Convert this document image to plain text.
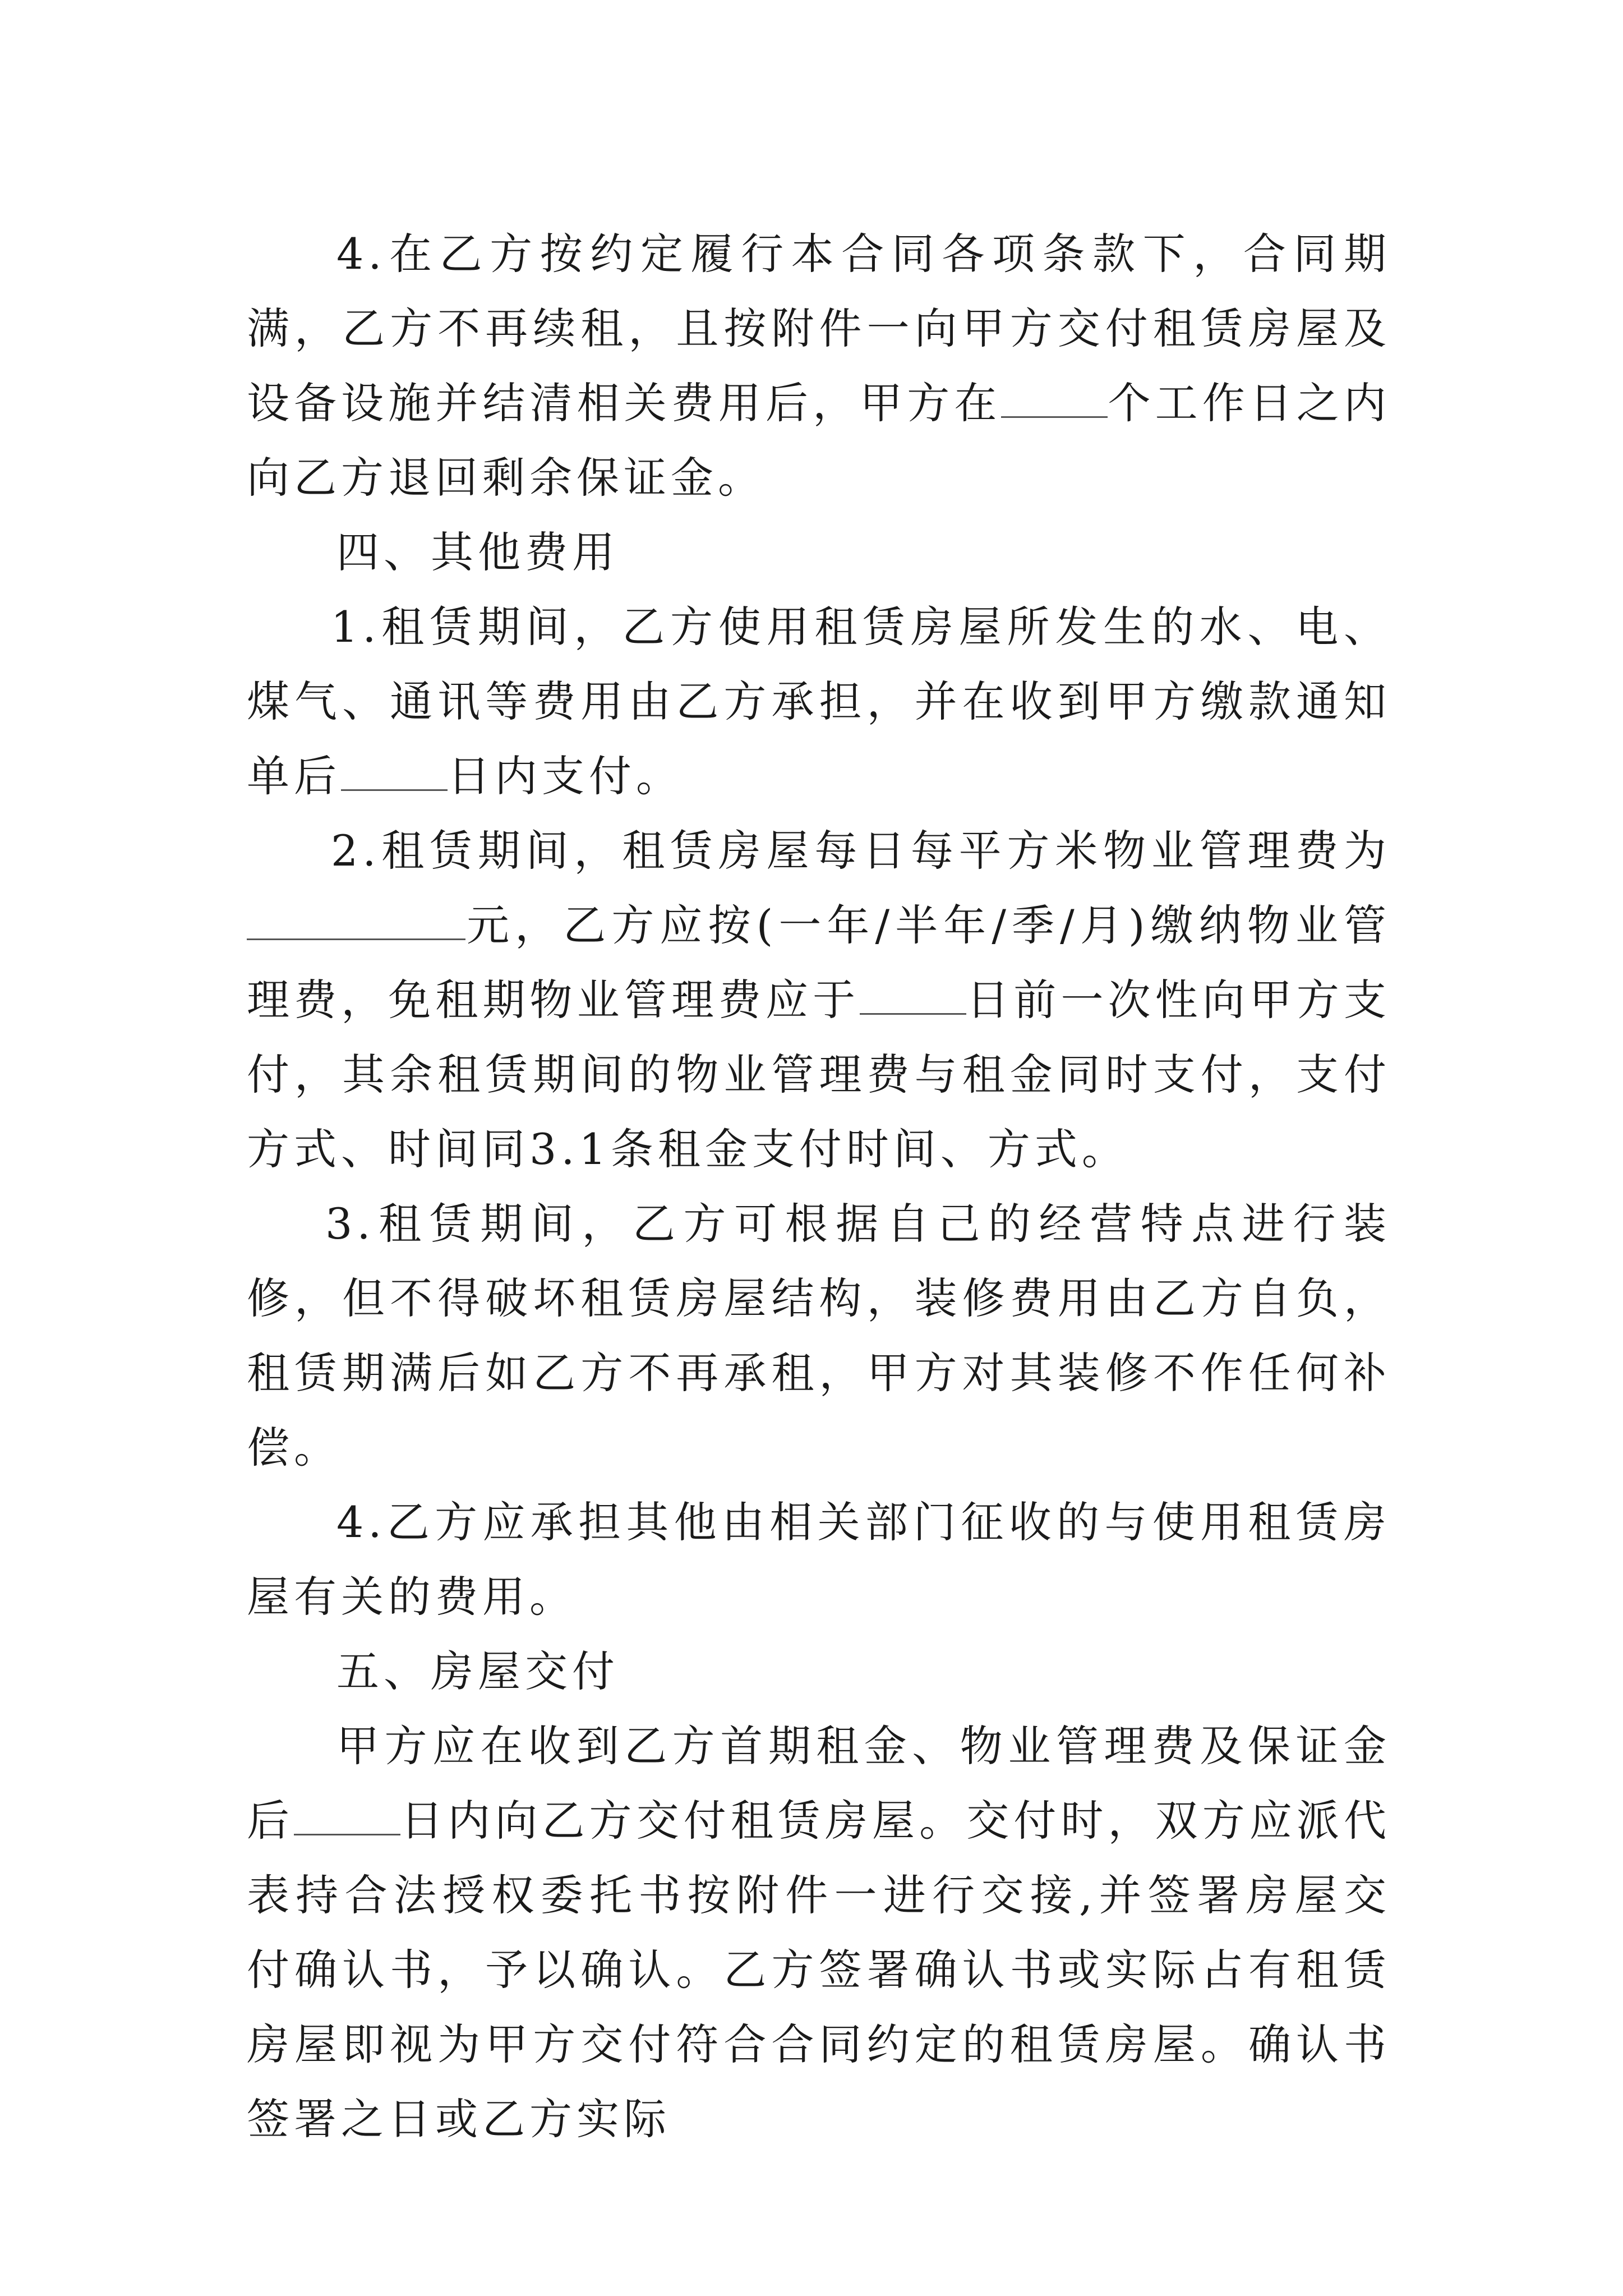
4.在乙方按约定履行本合同各项条款下，合同期满，乙方不再续租，且按附件一向甲方交付租赁房屋及设备设施并结清相关费用后，甲方在	个工作日之内向乙方退回剩余保证金。

四、其他费用

1.租赁期间，乙方使用租赁房屋所发生的水、电、煤气、通讯等费用由乙方承担，并在收到甲方缴款通知单后	日内支付。

2.租赁期间，租赁房屋每日每平方米物业管理费为元，乙方应按(一年/半年/季/月)缴纳物业管理费，免租期物业管理费应于	日前一次性向甲方支付，其余租赁期间的物业管理费与租金同时支付，支付方式、时间同3.1条租金支付时间、方式。

3.租赁期间，乙方可根据自己的经营特点进行装修，但不得破坏租赁房屋结构，装修费用由乙方自负，租赁期满后如乙方不再承租，甲方对其装修不作任何补偿。

4.乙方应承担其他由相关部门征收的与使用租赁房屋有关的费用。

五、房屋交付

甲方应在收到乙方首期租金、物业管理费及保证金后	日内向乙方交付租赁房屋。交付时，双方应派代表持合法授权委托书按附件一进行交接,并签署房屋交付确认书，予以确认。乙方签署确认书或实际占有租赁房屋即视为甲方交付符合合同约定的租赁房屋。确认书签署之日或乙方实际
